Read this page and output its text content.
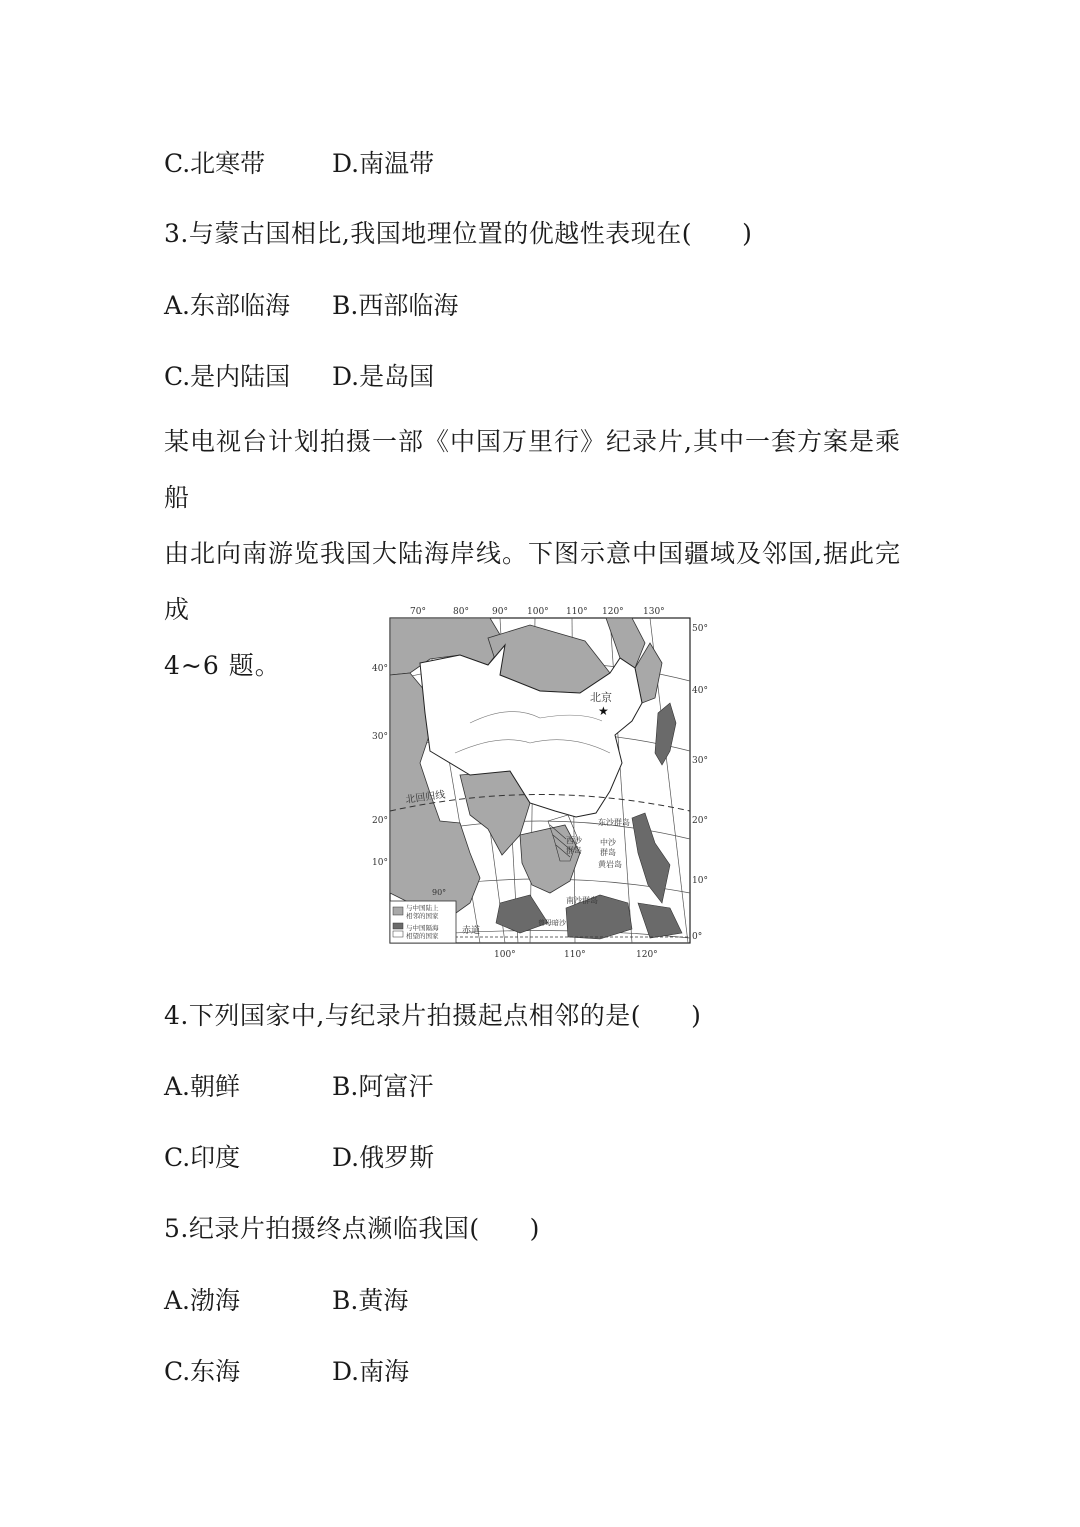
C.北寒带	D.南温带
3.与蒙古国相比,我国地理位置的优越性表现在( )
A.东部临海 B.西部临海
C.是内陆国 D.是岛国
某电视台计划拍摄一部《中国万里行》纪录片,其中一套方案是乘船
由北向南游览我国大陆海岸线。下图示意中国疆域及邻国,据此完成
4~6 题。
70°	80°	90° 100° 110° 120° 130°
40°
30°
20°
10°
50°
40°
30°
20°
10°
0°
100°	110°	120°
北回归线
★
北京
东沙群岛
西沙
群岛
中沙
群岛
黄岩岛
南沙群岛
曾母暗沙
90°
赤道
与中国陆上
相邻的国家
与中国隔海
相望的国家
4.下列国家中,与纪录片拍摄起点相邻的是( )
A.朝鲜	B.阿富汗
C.印度	D.俄罗斯
5.纪录片拍摄终点濒临我国( )
A.渤海	B.黄海
C.东海	D.南海
